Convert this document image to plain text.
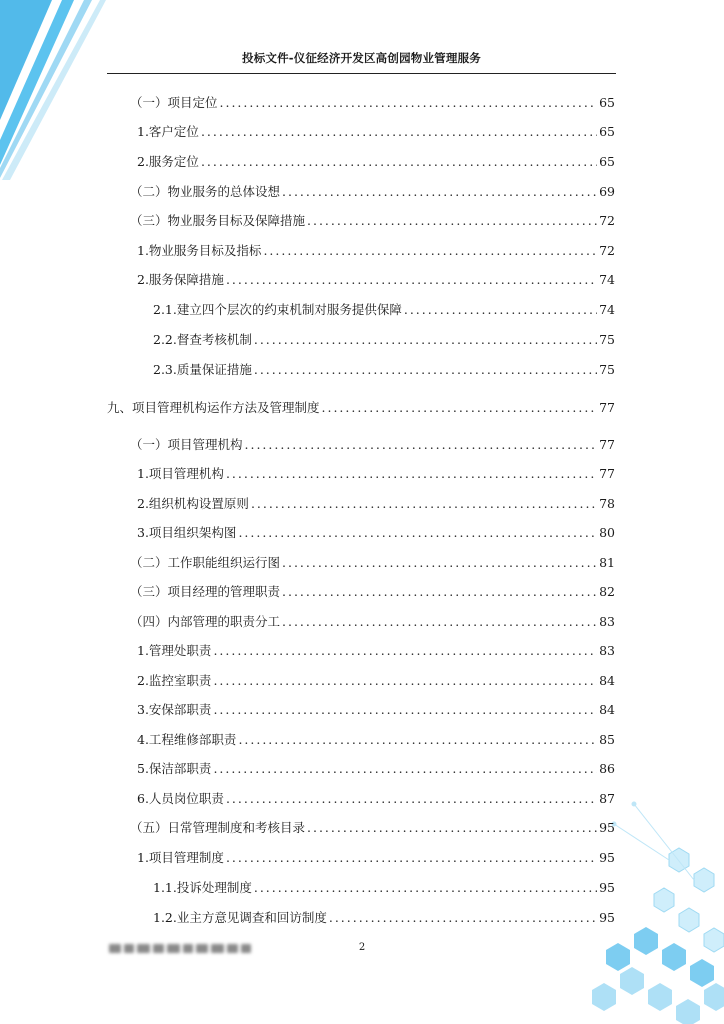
投标文件-仪征经济开发区高创园物业管理服务
（一）项目定位 .....	65
1.客户定位 .....	65
2.服务定位 .....	65
（二）物业服务的总体设想 .....	69
（三）物业服务目标及保障措施 .....	72
1.物业服务目标及指标 .....	72
2.服务保障措施 .....	74
2.1.建立四个层次的约束机制对服务提供保障 .....	74
2.2.督查考核机制 .....	75
2.3.质量保证措施 .....	75
九、项目管理机构运作方法及管理制度 .....	77
（一）项目管理机构 .....	77
1.项目管理机构 .....	77
2.组织机构设置原则 .....	78
3.项目组织架构图 .....	80
（二）工作职能组织运行图 .....	81
（三）项目经理的管理职责 .....	82
（四）内部管理的职责分工 .....	83
1.管理处职责 .....	83
2.监控室职责 .....	84
3.安保部职责 .....	84
4.工程维修部职责 .....	85
5.保洁部职责 .....	86
6.人员岗位职责 .....	87
（五）日常管理制度和考核目录 .....	95
1.项目管理制度 .....	95
1.1.投诉处理制度 .....	95
1.2.业主方意见调查和回访制度 .....	95
2
